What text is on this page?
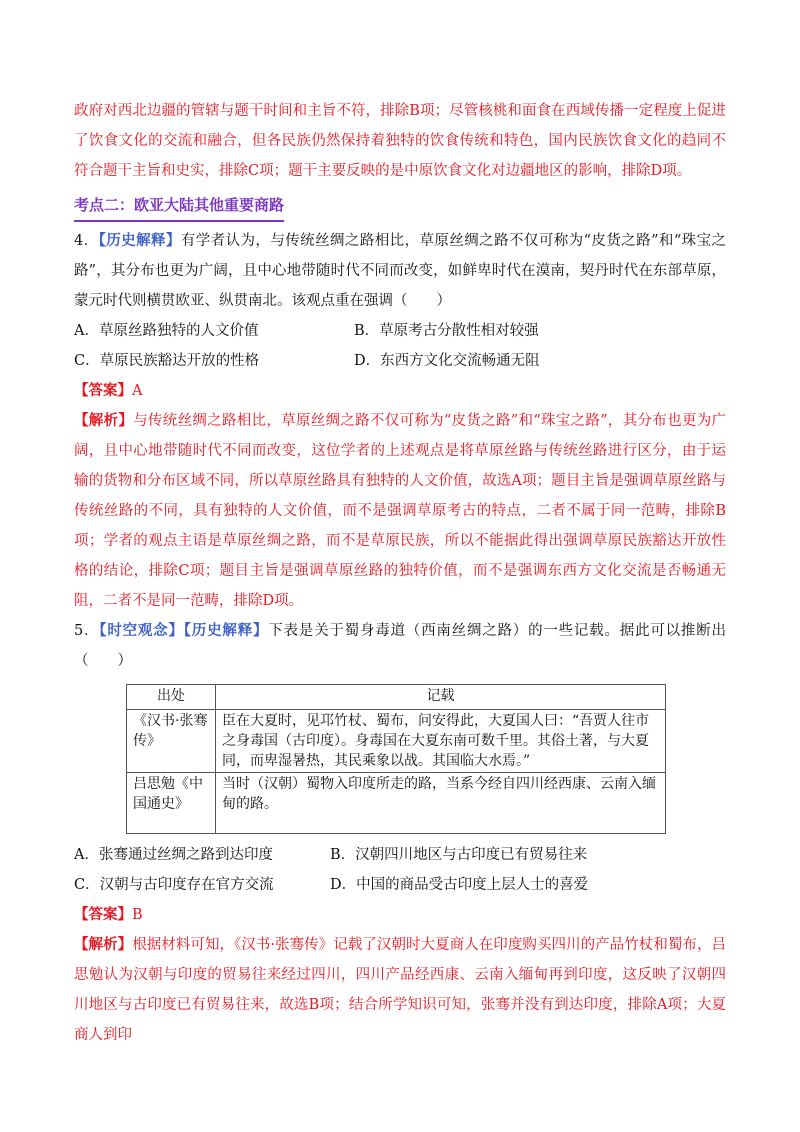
政府对西北边疆的管辖与题干时间和主旨不符，排除B项；尽管核桃和面食在西域传播一定程度上促进了饮食文化的交流和融合，但各民族仍然保持着独特的饮食传统和特色，国内民族饮食文化的趋同不符合题干主旨和史实，排除C项；题干主要反映的是中原饮食文化对边疆地区的影响，排除D项。

考点二：欧亚大陆其他重要商路

4．【历史解释】有学者认为，与传统丝绸之路相比，草原丝绸之路不仅可称为“皮货之路”和“珠宝之路”，其分布也更为广阔，且中心地带随时代不同而改变，如鲜卑时代在漠南，契丹时代在东部草原，蒙元时代则横贯欧亚、纵贯南北。该观点重在强调（　　）

A．草原丝路独特的人文价值	B．草原考古分散性相对较强
C．草原民族豁达开放的性格	D．东西方文化交流畅通无阻

【答案】A

【解析】与传统丝绸之路相比，草原丝绸之路不仅可称为“皮货之路”和“珠宝之路”，其分布也更为广阔，且中心地带随时代不同而改变，这位学者的上述观点是将草原丝路与传统丝路进行区分，由于运输的货物和分布区域不同，所以草原丝路具有独特的人文价值，故选A项；题目主旨是强调草原丝路与传统丝路的不同，具有独特的人文价值，而不是强调草原考古的特点，二者不属于同一范畴，排除B项；学者的观点主语是草原丝绸之路，而不是草原民族，所以不能据此得出强调草原民族豁达开放性格的结论，排除C项；题目主旨是强调草原丝路的独特价值，而不是强调东西方文化交流是否畅通无阻，二者不是同一范畴，排除D项。

5．【时空观念】【历史解释】下表是关于蜀身毒道（西南丝绸之路）的一些记载。据此可以推断出（　　）

出处	记载
《汉书·张骞传》	臣在大夏时，见邛竹杖、蜀布，问安得此，大夏国人曰：“吾贾人往市之身毒国（古印度）。身毒国在大夏东南可数千里。其俗土著，与大夏同，而卑湿暑热，其民乘象以战。其国临大水焉。”
吕思勉《中国通史》	当时（汉朝）蜀物入印度所走的路，当系今经自四川经西康、云南入缅甸的路。
A．张骞通过丝绸之路到达印度	B．汉朝四川地区与古印度已有贸易往来
C．汉朝与古印度存在官方交流	D．中国的商品受古印度上层人士的喜爱

【答案】B

【解析】根据材料可知，《汉书·张骞传》记载了汉朝时大夏商人在印度购买四川的产品竹杖和蜀布，吕思勉认为汉朝与印度的贸易往来经过四川，四川产品经西康、云南入缅甸再到印度，这反映了汉朝四川地区与古印度已有贸易往来，故选B项；结合所学知识可知，张骞并没有到达印度，排除A项；大夏商人到印
